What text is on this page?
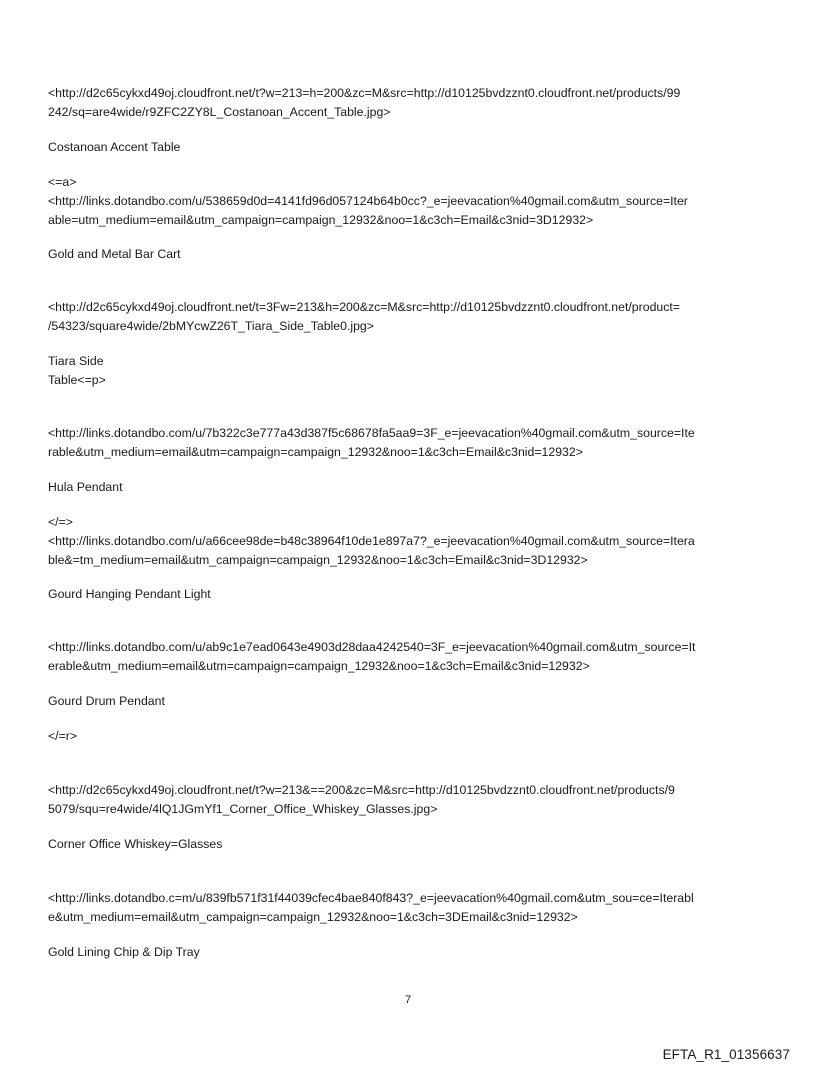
<http://d2c65cykxd49oj.cloudfront.net/t?w=213=h=200&zc=M&src=http://d10125bvdzznt0.cloudfront.net/products/99
242/sq=are4wide/r9ZFC2ZY8L_Costanoan_Accent_Table.jpg>

Costanoan Accent Table

<=a>
<http://links.dotandbo.com/u/538659d0d=4141fd96d057124b64b0cc?_e=jeevacation%40gmail.com&utm_source=Iter
able=utm_medium=email&utm_campaign=campaign_12932&noo=1&c3ch=Email&c3nid=3D12932>

Gold and Metal Bar Cart

<http://d2c65cykxd49oj.cloudfront.net/t=3Fw=213&h=200&zc=M&src=http://d10125bvdzznt0.cloudfront.net/product=
/54323/square4wide/2bMYcwZ26T_Tiara_Side_Table0.jpg>

Tiara Side
Table<=p>

<http://links.dotandbo.com/u/7b322c3e777a43d387f5c68678fa5aa9=3F_e=jeevacation%40gmail.com&utm_source=Ite
rable&utm_medium=email&utm=campaign=campaign_12932&noo=1&c3ch=Email&c3nid=12932>

Hula Pendant

</=>
<http://links.dotandbo.com/u/a66cee98de=b48c38964f10de1e897a7?_e=jeevacation%40gmail.com&utm_source=Itera
ble&=tm_medium=email&utm_campaign=campaign_12932&noo=1&c3ch=Email&c3nid=3D12932>

Gourd Hanging Pendant Light

<http://links.dotandbo.com/u/ab9c1e7ead0643e4903d28daa4242540=3F_e=jeevacation%40gmail.com&utm_source=It
erable&utm_medium=email&utm=campaign=campaign_12932&noo=1&c3ch=Email&c3nid=12932>

Gourd Drum Pendant

</=r>

<http://d2c65cykxd49oj.cloudfront.net/t?w=213&==200&zc=M&src=http://d10125bvdzznt0.cloudfront.net/products/9
5079/squ=re4wide/4lQ1JGmYf1_Corner_Office_Whiskey_Glasses.jpg>

Corner Office Whiskey=Glasses

<http://links.dotandbo.c=m/u/839fb571f31f44039cfec4bae840f843?_e=jeevacation%40gmail.com&utm_sou=ce=Iterabl
e&utm_medium=email&utm_campaign=campaign_12932&noo=1&c3ch=3DEmail&c3nid=12932>

Gold Lining Chip & Dip Tray

7
EFTA_R1_01356637
